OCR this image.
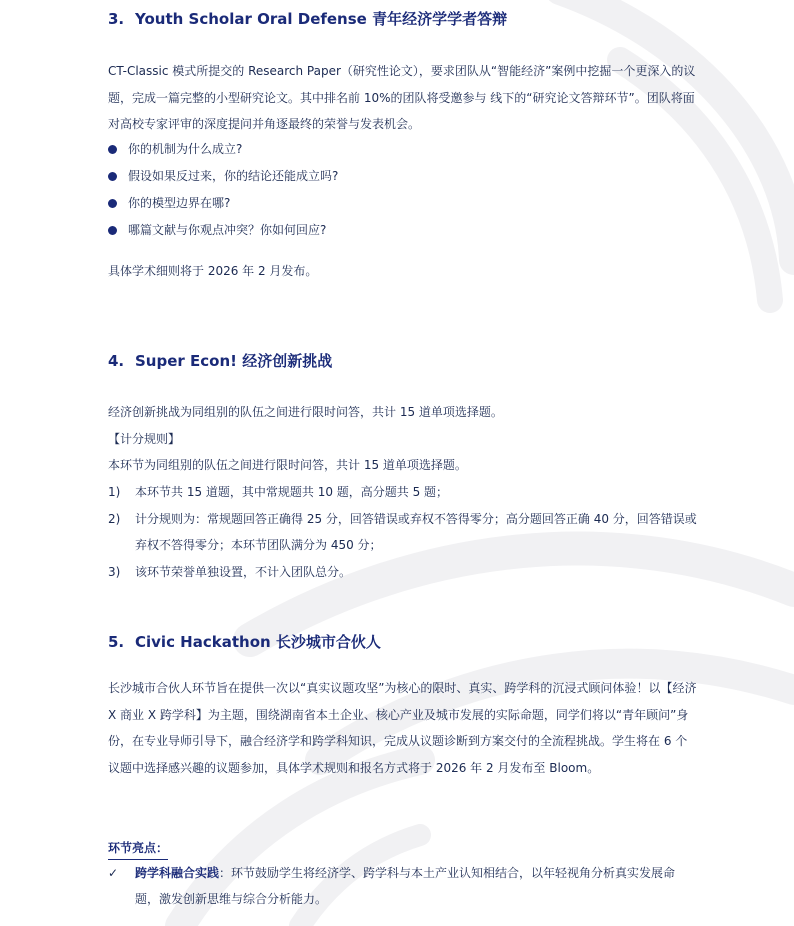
3. Youth Scholar Oral Defense 青年经济学学者答辩
CT-Classic 模式所提交的 Research Paper（研究性论文），要求团队从“智能经济”案例中挖掘一个更深入的议题，完成一篇完整的小型研究论文。其中排名前 10%的团队将受邀参与 线下的“研究论文答辩环节”。团队将面对高校专家评审的深度提问并角逐最终的荣誉与发表机会。
你的机制为什么成立?
假设如果反过来，你的结论还能成立吗?
你的模型边界在哪?
哪篇文献与你观点冲突？你如何回应?
具体学术细则将于 2026 年 2 月发布。
4. Super Econ! 经济创新挑战
经济创新挑战为同组别的队伍之间进行限时问答，共计 15 道单项选择题。
【计分规则】
本环节为同组别的队伍之间进行限时问答，共计 15 道单项选择题。
1) 本环节共 15 道题，其中常规题共 10 题，高分题共 5 题；
2) 计分规则为：常规题回答正确得 25 分，回答错误或弃权不答得零分；高分题回答正确 40 分，回答错误或弃权不答得零分；本环节团队满分为 450 分；
3) 该环节荣誉单独设置，不计入团队总分。
5. Civic Hackathon 长沙城市合伙人
长沙城市合伙人环节旨在提供一次以“真实议题攻坚”为核心的限时、真实、跨学科的沉浸式顾问体验！以【经济 X 商业 X 跨学科】为主题，围绕湖南省本土企业、核心产业及城市发展的实际命题，同学们将以“青年顾问”身份，在专业导师引导下，融合经济学和跨学科知识，完成从议题诊断到方案交付的全流程挑战。学生将在 6 个议题中选择感兴趣的议题参加，具体学术规则和报名方式将于 2026 年 2 月发布至 Bloom。
环节亮点：
✓ 跨学科融合实践：环节鼓励学生将经济学、跨学科与本土产业认知相结合，以年轻视角分析真实发展命题，激发创新思维与综合分析能力。
